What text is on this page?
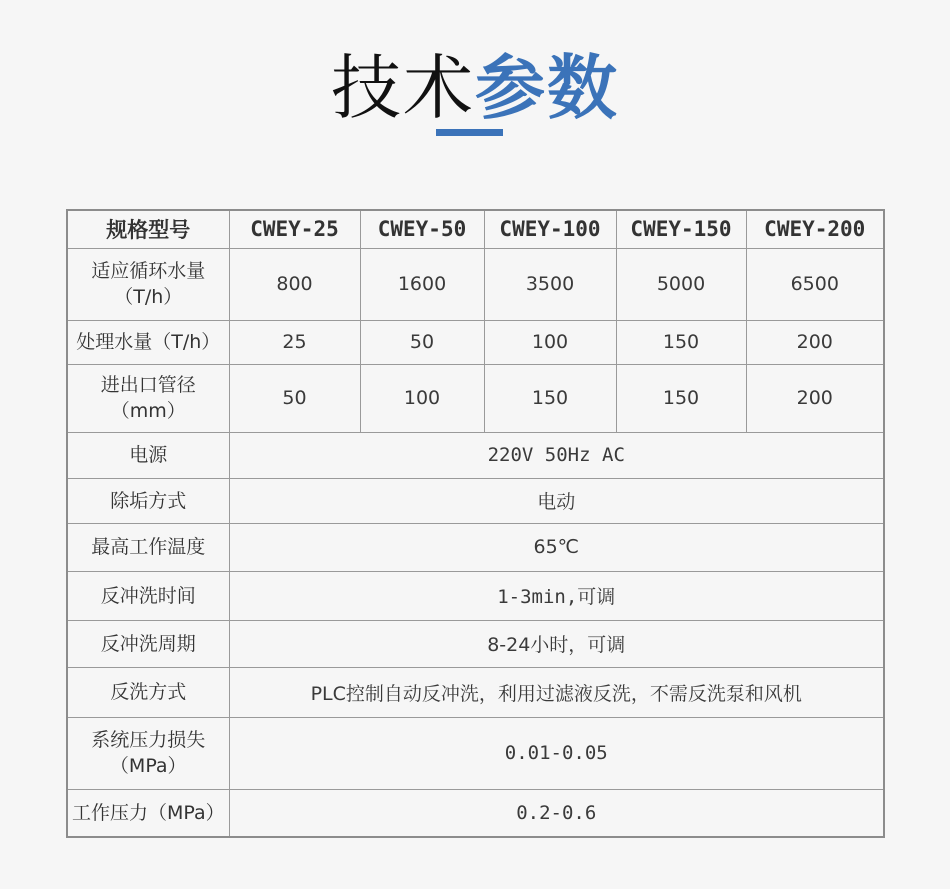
技术参数
规格型号	CWEY-25	CWEY-50	CWEY-100	CWEY-150	CWEY-200

适应循环水量
（T/h）	800	1600	3500	5000	6500
处理水量（T/h）	25	50	100	150	200

进出口管径
（mm）	50	100	150	150	200
电源	220V 50Hz AC				
除垢方式	电动				
最高工作温度	65℃				
反冲洗时间	1-3min,可调				
反冲洗周期	8-24小时，可调				
反洗方式	PLC控制自动反冲洗，利用过滤液反洗，不需反洗泵和风机				

系统压力损失
（MPa）	0.01-0.05				
工作压力（MPa）	0.2-0.6				
